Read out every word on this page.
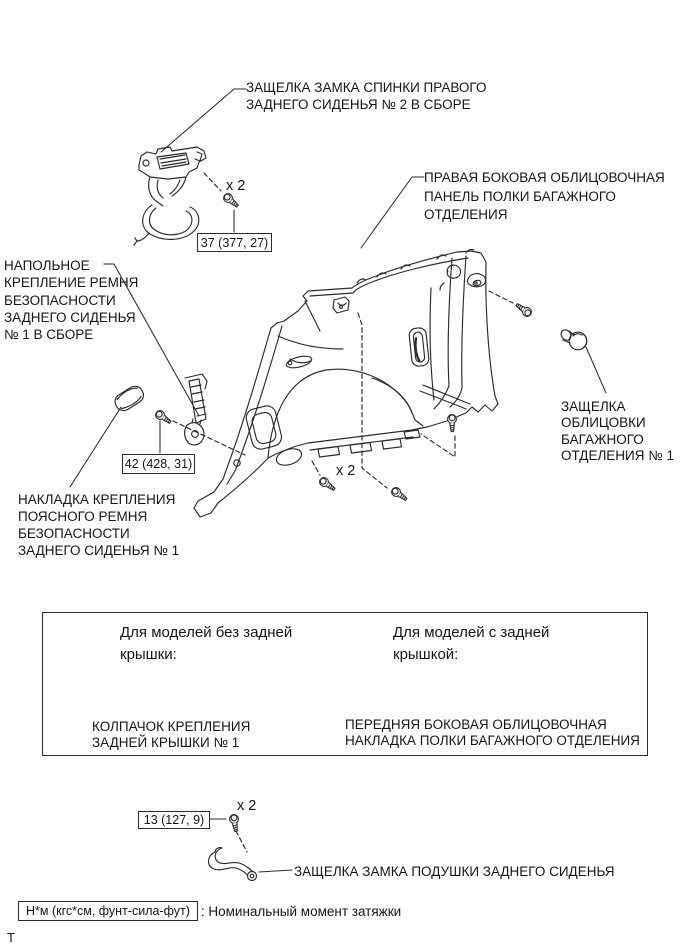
ЗАЩЕЛКА ЗАМКА СПИНКИ ПРАВОГО
ЗАДНЕГО СИДЕНЬЯ № 2 В СБОРЕ
ПРАВАЯ БОКОВАЯ ОБЛИЦОВОЧНАЯ
ПАНЕЛЬ ПОЛКИ БАГАЖНОГО
ОТДЕЛЕНИЯ
НАПОЛЬНОЕ
КРЕПЛЕНИЕ РЕМНЯ
БЕЗОПАСНОСТИ
ЗАДНЕГО СИДЕНЬЯ
№ 1 В СБОРЕ
НАКЛАДКА КРЕПЛЕНИЯ
ПОЯСНОГО РЕМНЯ
БЕЗОПАСНОСТИ
ЗАДНЕГО СИДЕНЬЯ № 1
ЗАЩЕЛКА
ОБЛИЦОВКИ
БАГАЖНОГО
ОТДЕЛЕНИЯ № 1
ЗАЩЕЛКА ЗАМКА ПОДУШКИ ЗАДНЕГО СИДЕНЬЯ
x 2
x 2
x 2
37 (377, 27)
42 (428, 31)
13 (127, 9)
Для моделей без задней
крышки:
Для моделей с задней
крышкой:
КОЛПАЧОК КРЕПЛЕНИЯ
ЗАДНЕЙ КРЫШКИ № 1
ПЕРЕДНЯЯ БОКОВАЯ ОБЛИЦОВОЧНАЯ
НАКЛАДКА ПОЛКИ БАГАЖНОГО ОТДЕЛЕНИЯ
Н*м (кгс*см, фунт-сила-фут) : Номинальный момент затяжки
Т
